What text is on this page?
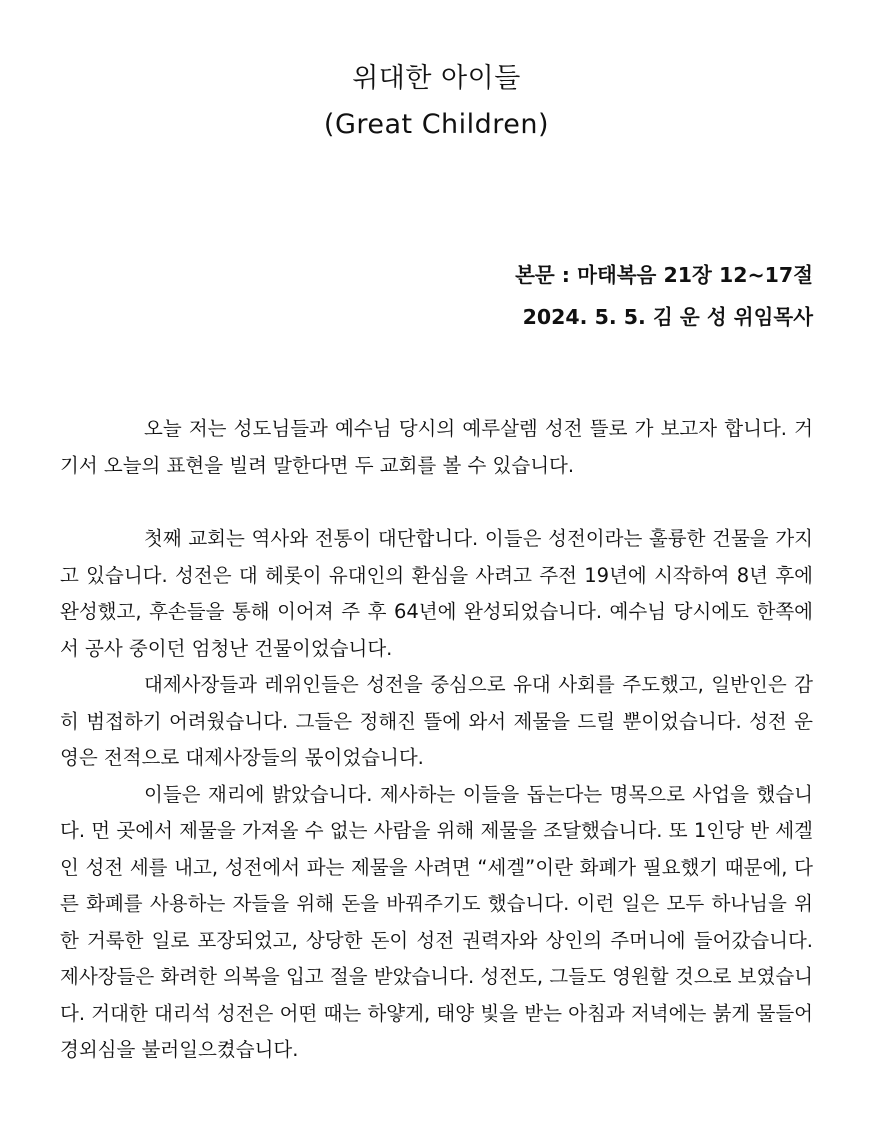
위대한 아이들
(Great Children)
본문 : 마태복음 21장 12~17절
2024. 5. 5. 김 운 성 위임목사

오늘 저는 성도님들과 예수님 당시의 예루살렘 성전 뜰로 가 보고자 합니다. 거기서 오늘의 표현을 빌려 말한다면 두 교회를 볼 수 있습니다.

첫째 교회는 역사와 전통이 대단합니다. 이들은 성전이라는 훌륭한 건물을 가지고 있습니다. 성전은 대 헤롯이 유대인의 환심을 사려고 주전 19년에 시작하여 8년 후에 완성했고, 후손들을 통해 이어져 주 후 64년에 완성되었습니다. 예수님 당시에도 한쪽에서 공사 중이던 엄청난 건물이었습니다.

대제사장들과 레위인들은 성전을 중심으로 유대 사회를 주도했고, 일반인은 감히 범접하기 어려웠습니다. 그들은 정해진 뜰에 와서 제물을 드릴 뿐이었습니다. 성전 운영은 전적으로 대제사장들의 몫이었습니다.

이들은 재리에 밝았습니다. 제사하는 이들을 돕는다는 명목으로 사업을 했습니다. 먼 곳에서 제물을 가져올 수 없는 사람을 위해 제물을 조달했습니다. 또 1인당 반 세겔인 성전 세를 내고, 성전에서 파는 제물을 사려면 “세겔”이란 화폐가 필요했기 때문에, 다른 화폐를 사용하는 자들을 위해 돈을 바꿔주기도 했습니다. 이런 일은 모두 하나님을 위한 거룩한 일로 포장되었고, 상당한 돈이 성전 권력자와 상인의 주머니에 들어갔습니다. 제사장들은 화려한 의복을 입고 절을 받았습니다. 성전도, 그들도 영원할 것으로 보였습니다. 거대한 대리석 성전은 어떤 때는 하얗게, 태양 빛을 받는 아침과 저녁에는 붉게 물들어 경외심을 불러일으켰습니다.
